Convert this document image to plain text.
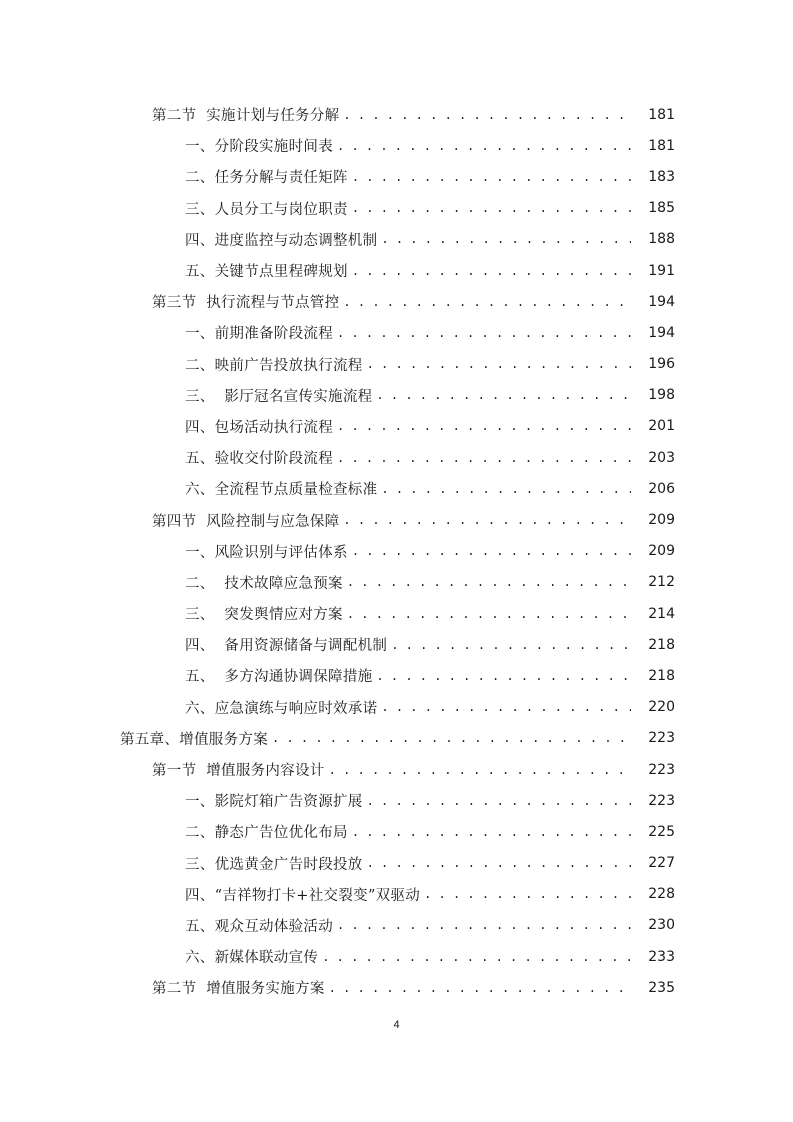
第二节  实施计划与任务分解 . . .	181
一、分阶段实施时间表 . . .	181
二、任务分解与责任矩阵 . . .	183
三、人员分工与岗位职责 . . .	185
四、进度监控与动态调整机制 . . .	188
五、关键节点里程碑规划 . . .	191
第三节  执行流程与节点管控 . . .	194
一、前期准备阶段流程 . . .	194
二、映前广告投放执行流程 . . .	196
三、  影厅冠名宣传实施流程 . . .	198
四、包场活动执行流程 . . .	201
五、验收交付阶段流程 . . .	203
六、全流程节点质量检查标准 . . .	206
第四节  风险控制与应急保障 . . .	209
一、风险识别与评估体系 . . .	209
二、  技术故障应急预案 . . .	212
三、  突发舆情应对方案 . . .	214
四、  备用资源储备与调配机制 . . .	218
五、  多方沟通协调保障措施 . . .	218
六、应急演练与响应时效承诺 . . .	220
第五章、增值服务方案 . . .	223
第一节  增值服务内容设计 . . .	223
一、影院灯箱广告资源扩展 . . .	223
二、静态广告位优化布局 . . .	225
三、优选黄金广告时段投放 . . .	227
四、“吉祥物打卡+社交裂变”双驱动 . . .	228
五、观众互动体验活动 . . .	230
六、新媒体联动宣传 . . .	233
第二节  增值服务实施方案 . . .	235
4
